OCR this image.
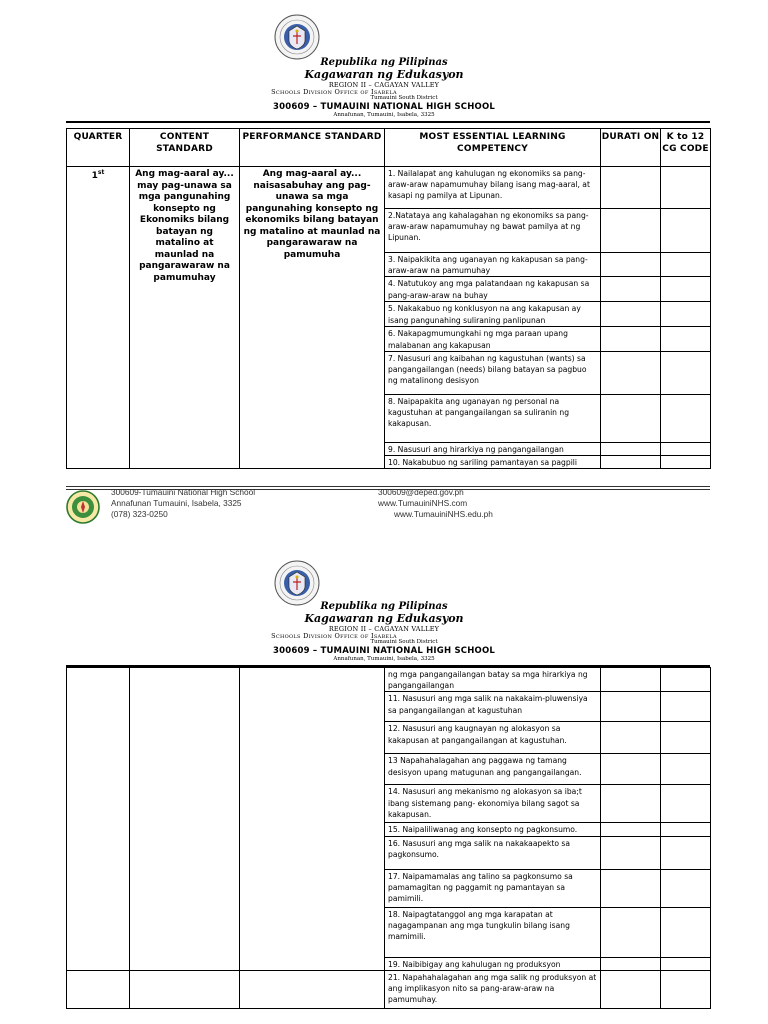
Republika ng Pilipinas
Kagawaran ng Edukasyon
REGION II – CAGAYAN VALLEY
Schools Division Office of Isabela
Tumauini South District
300609 – TUMAUINI NATIONAL HIGH SCHOOL
Annafunan, Tumauini, Isabela, 3325
QUARTER	CONTENT STANDARD	PERFORMANCE STANDARD	MOST ESSENTIAL LEARNING COMPETENCY	DURATI ON	K to 12 CG CODE
1st	Ang mag-aaral ay... may pag-unawa sa mga pangunahing konsepto ng Ekonomiks bilang batayan ng matalino at maunlad na pangarawaraw na pamumuhay	Ang mag-aaral ay... naisasabuhay ang pag-unawa sa mga pangunahing konsepto ng ekonomiks bilang batayan ng matalino at maunlad na pangarawaraw na pamumuha	1. Nailalapat ang kahulugan ng ekonomiks sa pang-araw-araw napamumuhay bilang isang mag-aaral, at kasapi ng pamilya at Lipunan.		
			2.Natataya ang kahalagahan ng ekonomiks sa pang-araw-araw napamumuhay ng bawat pamilya at ng Lipunan.		
			3. Naipakikita ang uganayan ng kakapusan sa pang-araw-araw na pamumuhay		
			4. Natutukoy ang mga palatandaan ng kakapusan sa pang-araw-araw na buhay		
			5. Nakakabuo ng konklusyon na ang kakapusan ay isang pangunahing suliraning panlipunan		
			6. Nakapagmumungkahi ng mga paraan upang malabanan ang kakapusan		
			7. Nasusuri ang kaibahan ng kagustuhan (wants) sa pangangailangan (needs) bilang batayan sa pagbuo ng matalinong desisyon		
			8. Naipapakita ang uganayan ng personal na kagustuhan at pangangailangan sa suliranin ng kakapusan.		
			9. Nasusuri ang hirarkiya ng pangangailangan		
			10. Nakabubuo ng sariling pamantayan sa pagpili		
300609-Tumauini National High School
Annafunan Tumauini, Isabela, 3325
(078) 323-0250
300609@deped.gov.ph
www.TumauiniNHS.com
www.TumauiniNHS.edu.ph
Republika ng Pilipinas
Kagawaran ng Edukasyon
REGION II – CAGAYAN VALLEY
Schools Division Office of Isabela
Tumauini South District
300609 – TUMAUINI NATIONAL HIGH SCHOOL
Annafunan, Tumauini, Isabela, 3325
			ng mga pangangailangan batay sa mga hirarkiya ng pangangailangan		
			11. Nasusuri ang mga salik na nakakaim-pluwensiya sa pangangailangan at kagustuhan		
			12. Nasusuri ang kaugnayan ng alokasyon sa kakapusan at pangangailangan at kagustuhan.		
			13 Napahahalagahan ang paggawa ng tamang desisyon upang matugunan ang pangangailangan.		
			14. Nasusuri ang mekanismo ng alokasyon sa iba;t ibang sistemang pang- ekonomiya bilang sagot sa kakapusan.		
			15. Naipaliliwanag ang konsepto ng pagkonsumo.		
			16. Nasusuri ang mga salik na nakakaapekto sa pagkonsumo.		
			17. Naipamamalas ang talino sa pagkonsumo sa pamamagitan ng paggamit ng pamantayan sa pamimili.		
			18. Naipagtatanggol ang mga karapatan at nagagampanan ang mga tungkulin bilang isang mamimili.		
			19. Naibibigay ang kahulugan ng produksyon		
			21. Napahahalagahan ang mga salik ng produksyon at ang implikasyon nito sa pang-araw-araw na pamumuhay.		
